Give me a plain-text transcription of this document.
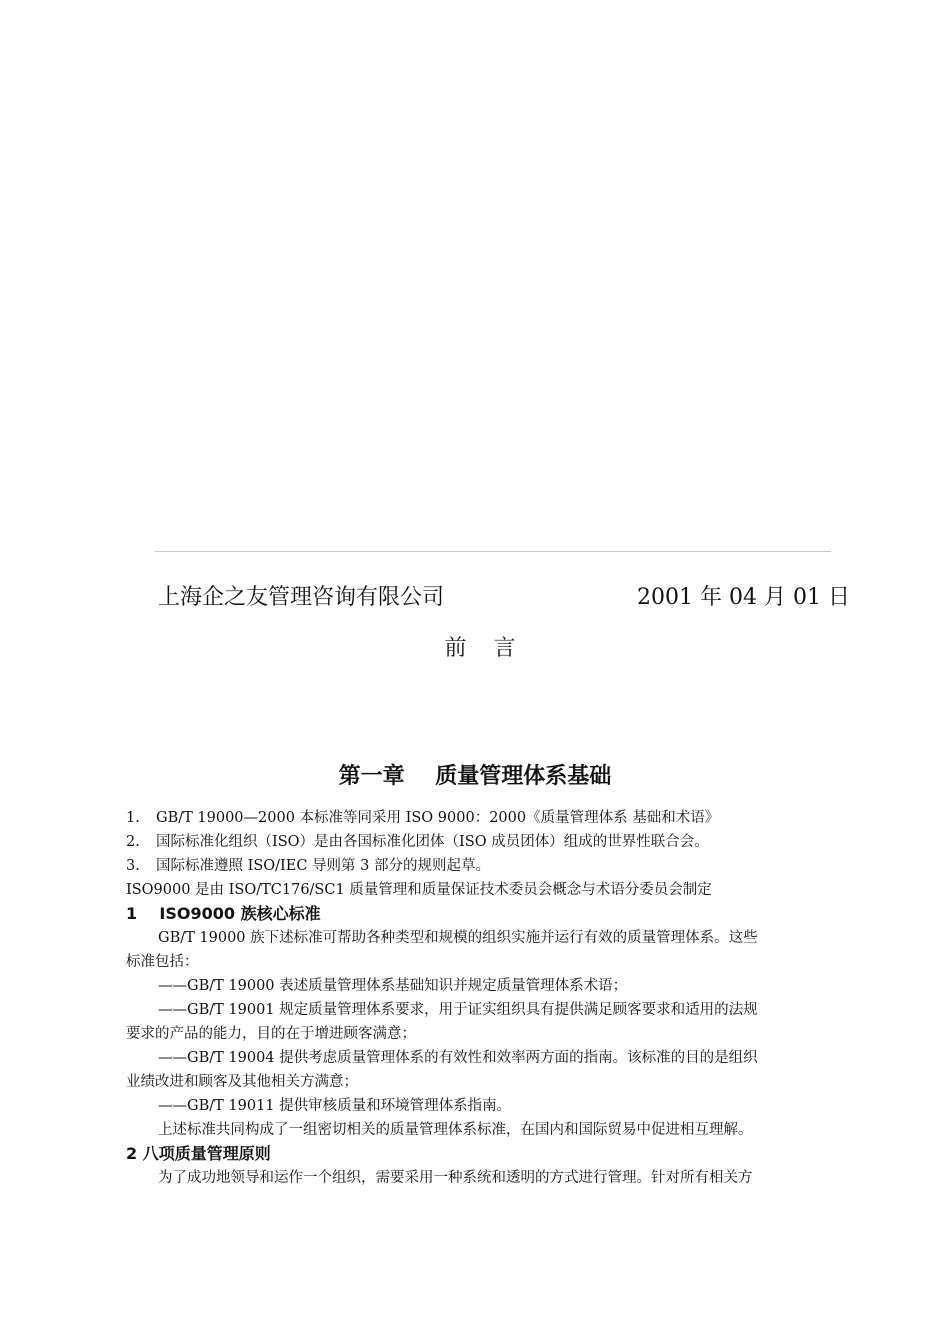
上海企之友管理咨询有限公司	2001 年 04 月 01 日
前 言
第一章    质量管理体系基础
1.	GB/T 19000—2000 本标准等同采用 ISO 9000：2000《质量管理体系 基础和术语》
2.	国际标准化组织（ISO）是由各国标准化团体（ISO 成员团体）组成的世界性联合会。
3.	国际标准遵照 ISO/IEC 导则第 3 部分的规则起草。
ISO9000 是由 ISO/TC176/SC1 质量管理和质量保证技术委员会概念与术语分委员会制定
1    ISO9000 族核心标准
GB/T 19000 族下述标准可帮助各种类型和规模的组织实施并运行有效的质量管理体系。这些
标准包括：
——GB/T 19000 表述质量管理体系基础知识并规定质量管理体系术语；
——GB/T 19001 规定质量管理体系要求，用于证实组织具有提供满足顾客要求和适用的法规
要求的产品的能力，目的在于增进顾客满意；
——GB/T 19004 提供考虑质量管理体系的有效性和效率两方面的指南。该标准的目的是组织
业绩改进和顾客及其他相关方满意；
——GB/T 19011 提供审核质量和环境管理体系指南。
上述标准共同构成了一组密切相关的质量管理体系标准，在国内和国际贸易中促进相互理解。
2 八项质量管理原则
为了成功地领导和运作一个组织，需要采用一种系统和透明的方式进行管理。针对所有相关方
